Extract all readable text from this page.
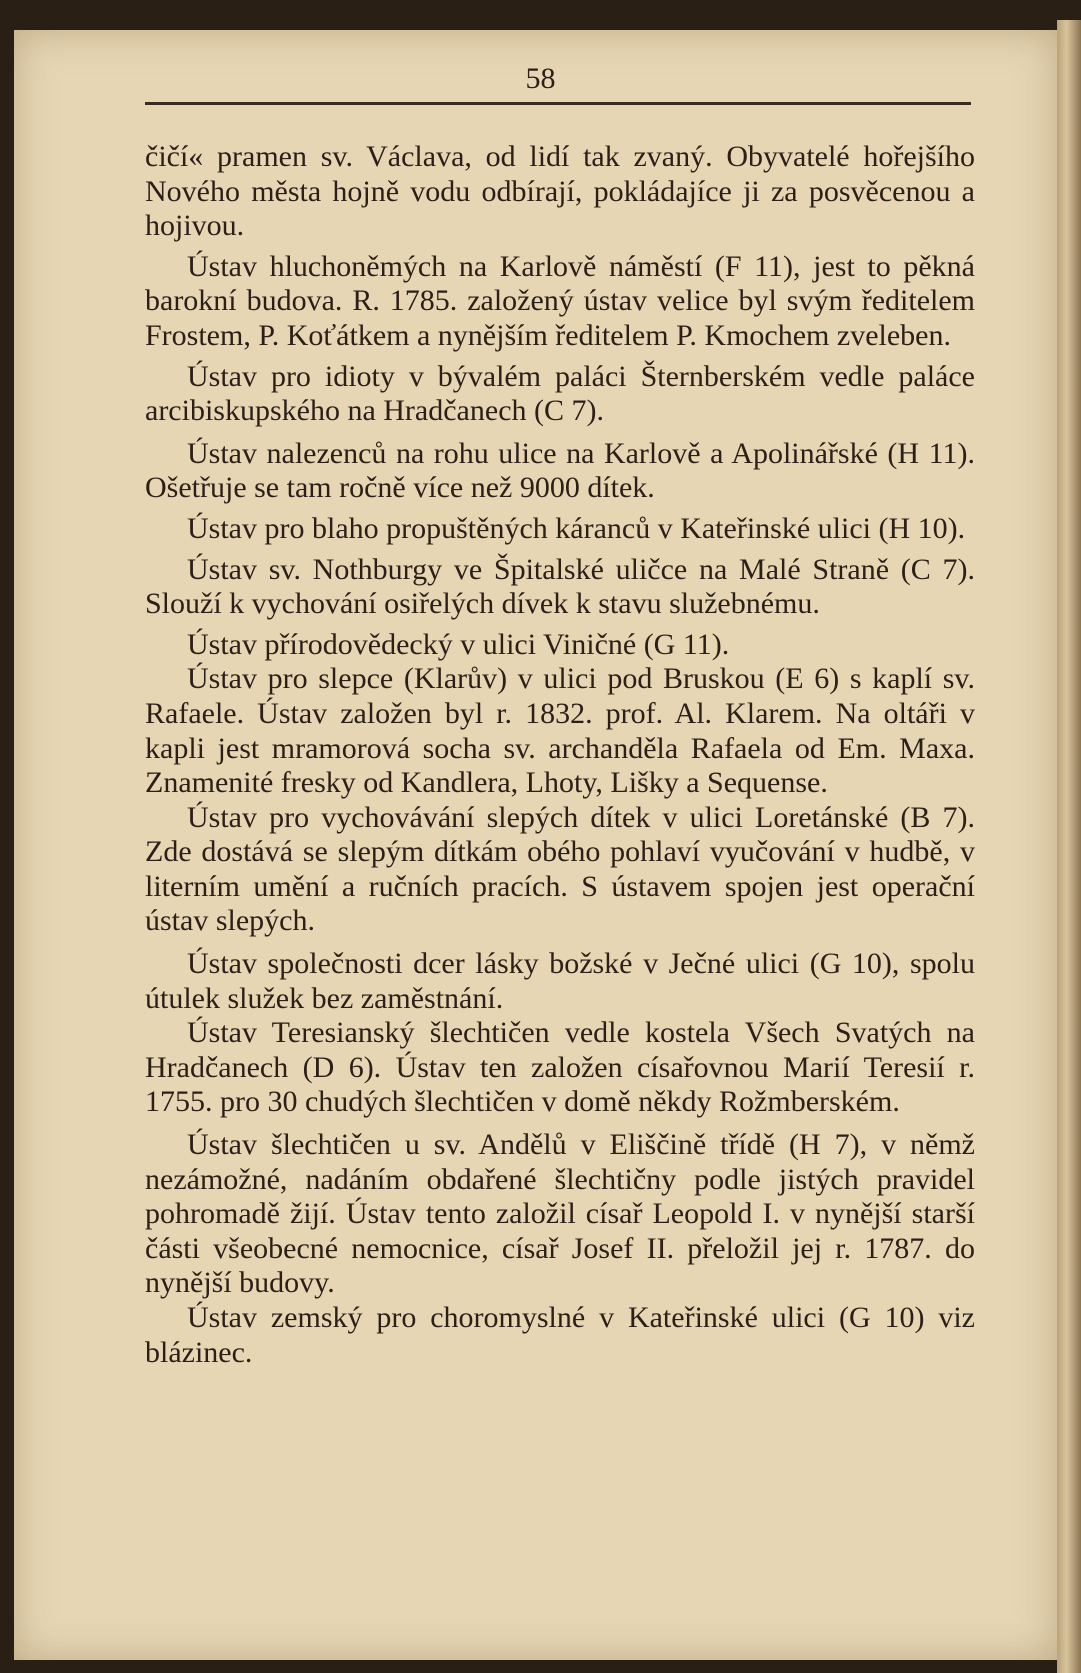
58

čičí« pramen sv. Václava, od lidí tak zvaný. Obyvatelé hořejšího Nového města hojně vodu odbírají, pokládajíce ji za posvěcenou a hojivou.

Ústav hluchoněmých na Karlově náměstí (F 11), jest to pěkná barokní budova. R. 1785. založený ústav velice byl svým ředitelem Frostem, P. Koťátkem a nynějším ředitelem P. Kmochem zveleben.

Ústav pro idioty v bývalém paláci Šternberském vedle paláce arcibiskupského na Hradčanech (C 7).

Ústav nalezenců na rohu ulice na Karlově a Apolinářské (H 11). Ošetřuje se tam ročně více než 9000 dítek.

Ústav pro blaho propuštěných káranců v Kateřinské ulici (H 10).

Ústav sv. Nothburgy ve Špitalské uličce na Malé Straně (C 7). Slouží k vychování osiřelých dívek k stavu služebnému.

Ústav přírodovědecký v ulici Viničné (G 11).

Ústav pro slepce (Klarův) v ulici pod Bruskou (E 6) s kaplí sv. Rafaele. Ústav založen byl r. 1832. prof. Al. Klarem. Na oltáři v kapli jest mramorová socha sv. archanděla Rafaela od Em. Maxa. Znamenité fresky od Kandlera, Lhoty, Lišky a Sequense.

Ústav pro vychovávání slepých dítek v ulici Loretánské (B 7). Zde dostává se slepým dítkám obého pohlaví vyučování v hudbě, v literním umění a ručních pracích. S ústavem spojen jest operační ústav slepých.

Ústav společnosti dcer lásky božské v Ječné ulici (G 10), spolu útulek služek bez zaměstnání.

Ústav Teresianský šlechtičen vedle kostela Všech Svatých na Hradčanech (D 6). Ústav ten založen císařovnou Marií Teresií r. 1755. pro 30 chudých šlechtičen v domě někdy Rožmberském.

Ústav šlechtičen u sv. Andělů v Eliščině třídě (H 7), v němž nezámožné, nadáním obdařené šlechtičny podle jistých pravidel pohromadě žijí. Ústav tento založil císař Leopold I. v nynější starší části všeobecné nemocnice, císař Josef II. přeložil jej r. 1787. do nynější budovy.

Ústav zemský pro choromyslné v Kateřinské ulici (G 10) viz blázinec.
